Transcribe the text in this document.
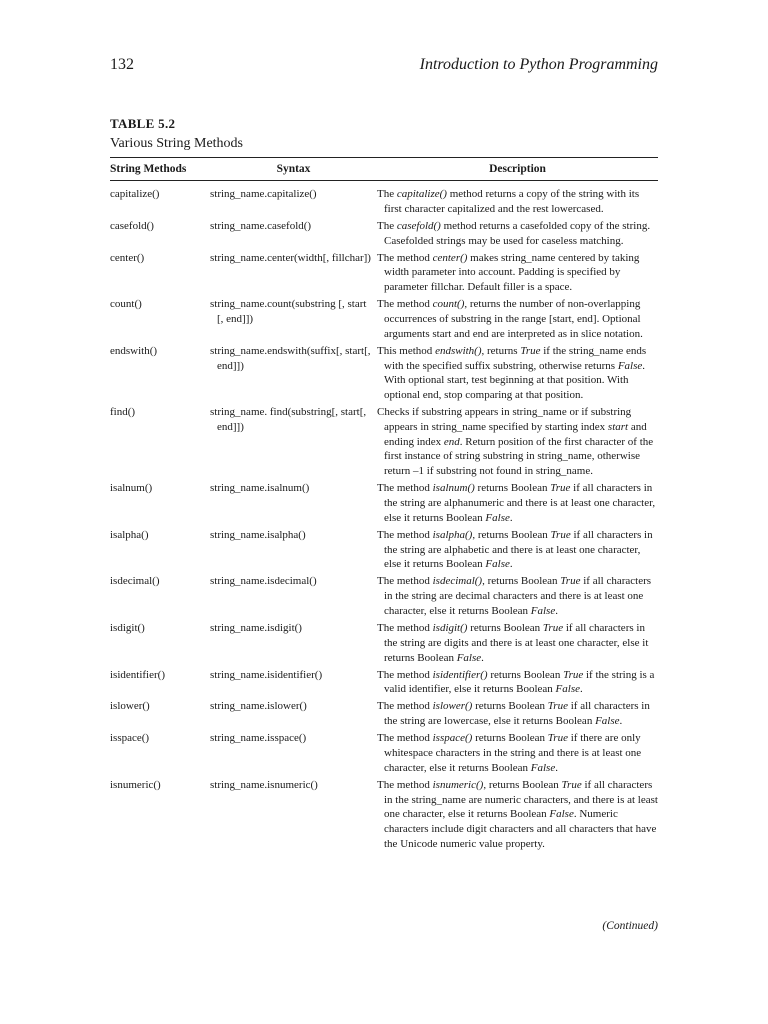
132	Introduction to Python Programming
TABLE 5.2
Various String Methods
String Methods	Syntax	Description
capitalize()	string_name.capitalize()	The capitalize() method returns a copy of the string with its first character capitalized and the rest lowercased.

casefold()	string_name.casefold()	The casefold() method returns a casefolded copy of the string. Casefolded strings may be used for caseless matching.

center()	string_name.center(width[, fillchar])	The method center() makes string_name centered by taking width parameter into account. Padding is specified by parameter fillchar. Default filler is a space.

count()	string_name.count(substring [, start [, end]])	The method count(), returns the number of non-overlapping occurrences of substring in the range [start, end]. Optional arguments start and end are interpreted as in slice notation.

endswith()	string_name.endswith(suffix[, start[, end]])	This method endswith(), returns True if the string_name ends with the specified suffix substring, otherwise returns False. With optional start, test beginning at that position. With optional end, stop comparing at that position.

find()	string_name. find(substring[, start[, end]])	Checks if substring appears in string_name or if substring appears in string_name specified by starting index start and ending index end. Return position of the first character of the first instance of string substring in string_name, otherwise return –1 if substring not found in string_name.

isalnum()	string_name.isalnum()	The method isalnum() returns Boolean True if all characters in the string are alphanumeric and there is at least one character, else it returns Boolean False.

isalpha()	string_name.isalpha()	The method isalpha(), returns Boolean True if all characters in the string are alphabetic and there is at least one character, else it returns Boolean False.

isdecimal()	string_name.isdecimal()	The method isdecimal(), returns Boolean True if all characters in the string are decimal characters and there is at least one character, else it returns Boolean False.

isdigit()	string_name.isdigit()	The method isdigit() returns Boolean True if all characters in the string are digits and there is at least one character, else it returns Boolean False.

isidentifier()	string_name.isidentifier()	The method isidentifier() returns Boolean True if the string is a valid identifier, else it returns Boolean False.

islower()	string_name.islower()	The method islower() returns Boolean True if all characters in the string are lowercase, else it returns Boolean False.

isspace()	string_name.isspace()	The method isspace() returns Boolean True if there are only whitespace characters in the string and there is at least one character, else it returns Boolean False.

isnumeric()	string_name.isnumeric()	The method isnumeric(), returns Boolean True if all characters in the string_name are numeric characters, and there is at least one character, else it returns Boolean False. Numeric characters include digit characters and all characters that have the Unicode numeric value property.
(Continued)
